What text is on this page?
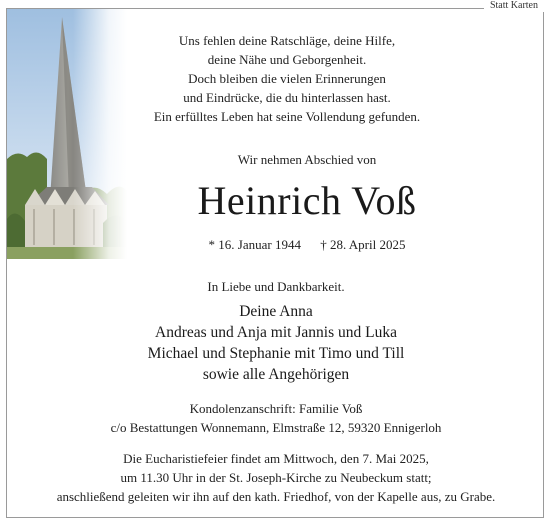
Statt Karten
Uns fehlen deine Ratschläge, deine Hilfe,
deine Nähe und Geborgenheit.
Doch bleiben die vielen Erinnerungen
und Eindrücke, die du hinterlassen hast.
Ein erfülltes Leben hat seine Vollendung gefunden.
Wir nehmen Abschied von
Heinrich Voß
* 16. Januar 1944 † 28. April 2025
In Liebe und Dankbarkeit.
Deine Anna
Andreas und Anja mit Jannis und Luka
Michael und Stephanie mit Timo und Till
sowie alle Angehörigen
Kondolenzanschrift: Familie Voß
c/o Bestattungen Wonnemann, Elmstraße 12, 59320 Ennigerloh
Die Eucharistiefeier findet am Mittwoch, den 7. Mai 2025,
um 11.30 Uhr in der St. Joseph-Kirche zu Neubeckum statt;
anschließend geleiten wir ihn auf den kath. Friedhof, von der Kapelle aus, zu Grabe.
